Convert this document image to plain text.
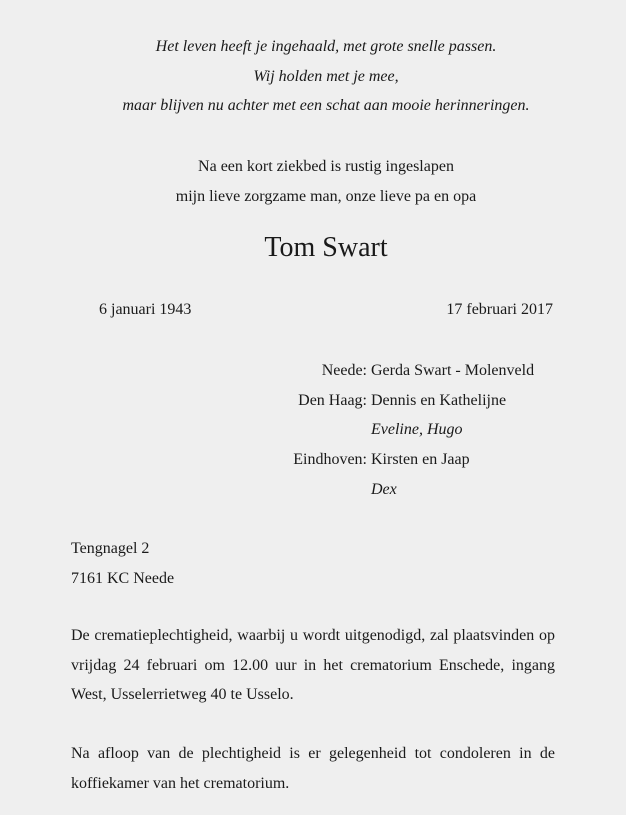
Het leven heeft je ingehaald, met grote snelle passen.
Wij holden met je mee,
maar blijven nu achter met een schat aan mooie herinneringen.
Na een kort ziekbed is rustig ingeslapen
mijn lieve zorgzame man, onze lieve pa en opa
Tom Swart
6 januari 1943	17 februari 2017
Neede: Gerda Swart - Molenveld
Den Haag: Dennis en Kathelijne
Eveline, Hugo
Eindhoven: Kirsten en Jaap
Dex
Tengnagel 2
7161 KC Neede
De crematieplechtigheid, waarbij u wordt uitgenodigd, zal plaatsvinden op vrijdag 24 februari om 12.00 uur in het crematorium Enschede, ingang West, Usselerrietweg 40 te Usselo.
Na afloop van de plechtigheid is er gelegenheid tot condoleren in de koffiekamer van het crematorium.
